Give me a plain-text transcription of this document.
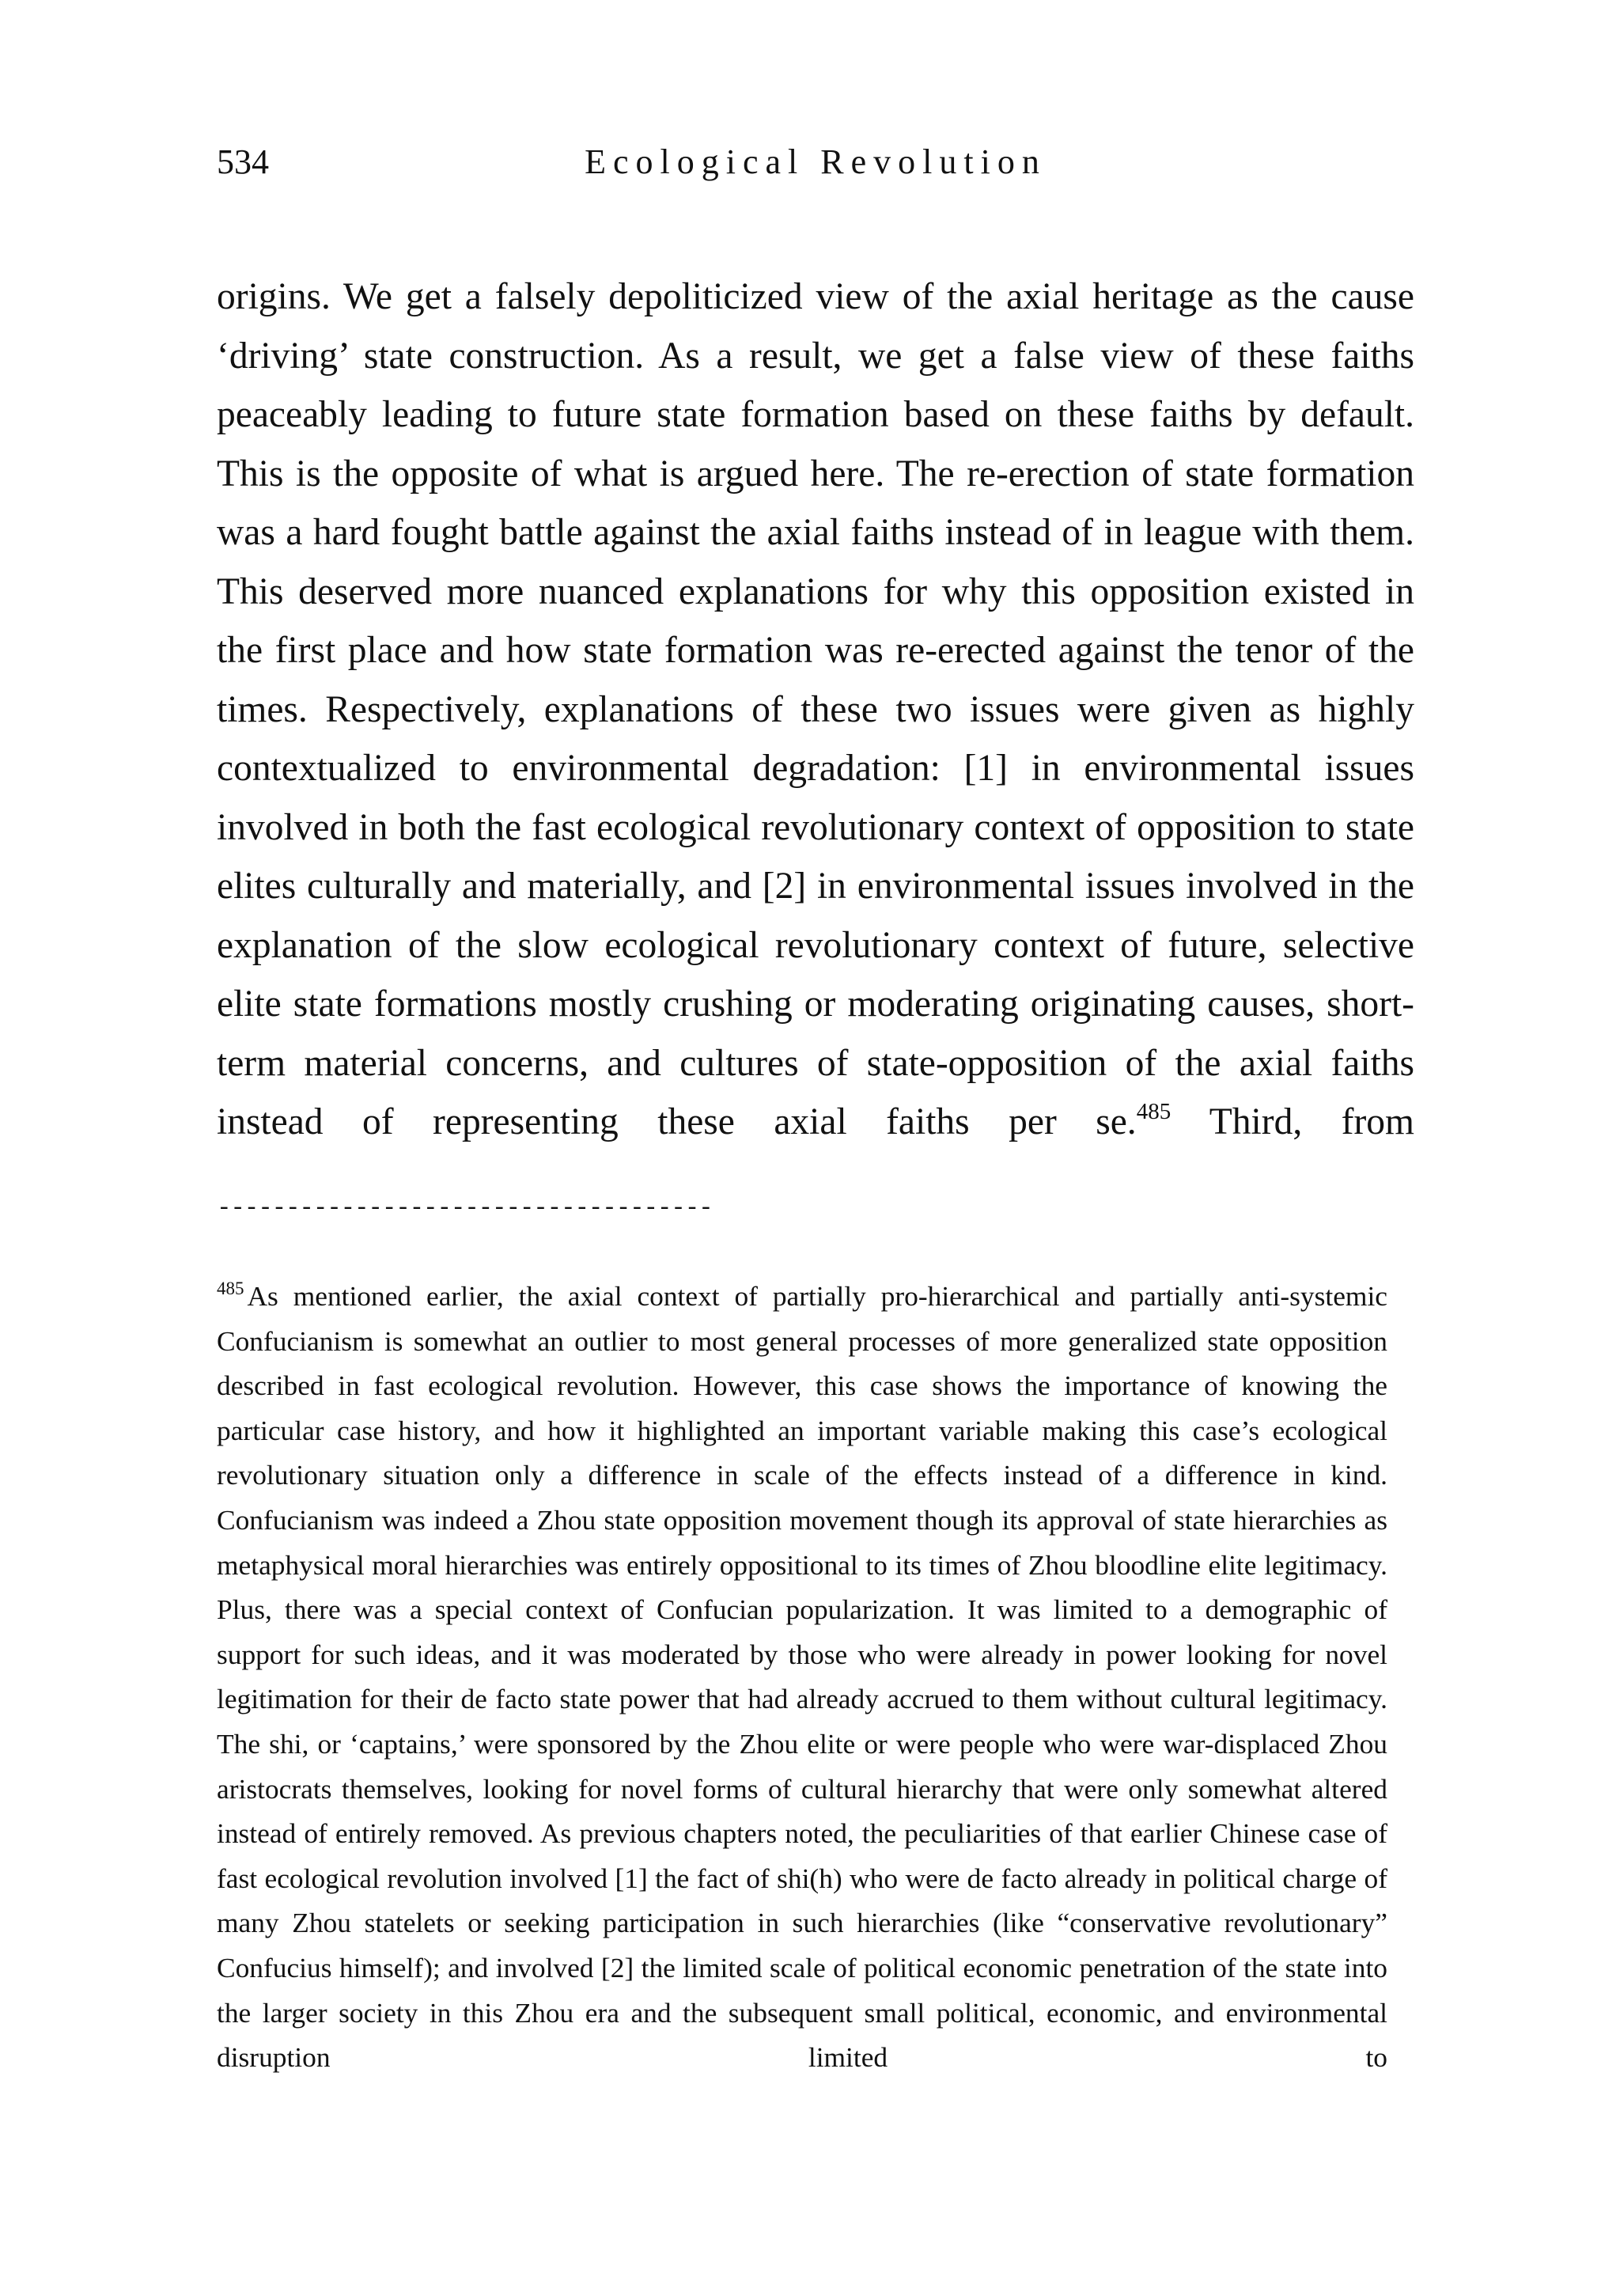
534	Ecological Revolution

origins. We get a falsely depoliticized view of the axial heritage as the cause ‘driving’ state construction. As a result, we get a false view of these faiths peaceably leading to future state formation based on these faiths by default. This is the opposite of what is argued here. The re-erection of state formation was a hard fought battle against the axial faiths instead of in league with them. This deserved more nuanced explanations for why this opposition existed in the first place and how state formation was re-erected against the tenor of the times. Respectively, explanations of these two issues were given as highly contextualized to environmental degradation: [1] in environmental issues involved in both the fast ecological revolutionary context of opposition to state elites culturally and materially, and [2] in environmental issues involved in the explanation of the slow ecological revolutionary context of future, selective elite state formations mostly crushing or moderating originating causes, short-term material concerns, and cultures of state-opposition of the axial faiths instead of representing these axial faiths per se.$^{485}$ Third, from

------------------------------------

$^{485}$ As mentioned earlier, the axial context of partially pro-hierarchical and partially anti-systemic Confucianism is somewhat an outlier to most general processes of more generalized state opposition described in fast ecological revolution. However, this case shows the importance of knowing the particular case history, and how it highlighted an important variable making this case’s ecological revolutionary situation only a difference in scale of the effects instead of a difference in kind. Confucianism was indeed a Zhou state opposition movement though its approval of state hierarchies as metaphysical moral hierarchies was entirely oppositional to its times of Zhou bloodline elite legitimacy. Plus, there was a special context of Confucian popularization. It was limited to a demographic of support for such ideas, and it was moderated by those who were already in power looking for novel legitimation for their de facto state power that had already accrued to them without cultural legitimacy. The shi, or ‘captains,’ were sponsored by the Zhou elite or were people who were war-displaced Zhou aristocrats themselves, looking for novel forms of cultural hierarchy that were only somewhat altered instead of entirely removed. As previous chapters noted, the peculiarities of that earlier Chinese case of fast ecological revolution involved [1] the fact of shi(h) who were de facto already in political charge of many Zhou statelets or seeking participation in such hierarchies (like “conservative revolutionary” Confucius himself); and involved [2] the limited scale of political economic penetration of the state into the larger society in this Zhou era and the subsequent small political, economic, and environmental disruption limited to
